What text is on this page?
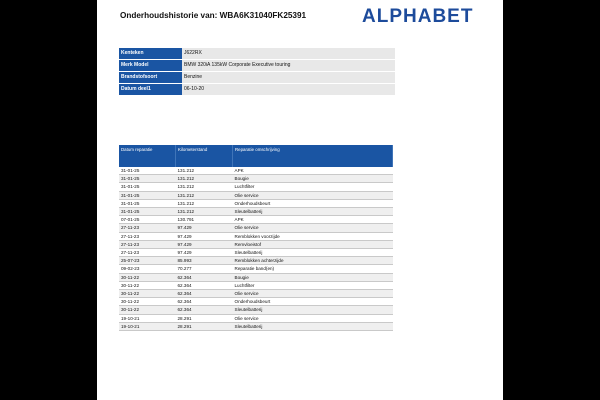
Onderhoudshistorie van: WBA6K31040FK25391	ALPHABET
Kenteken	J622RX
Merk Model	BMW 320iA 135kW Corporate Executive touring
Brandstofsoort	Benzine
Datum deel1	06-10-20
Datum reparatie	Kilometerstand	Reparatie omschrijving
31-01-25	131.212	APK
31-01-25	131.212	Bougie
31-01-25	131.212	Luchtfilter
31-01-25	131.212	Olie service
31-01-25	131.212	Onderhoudsbeurt
31-01-25	131.212	Sleutelbatterij
07-01-25	130.791	APK
27-11-23	97.429	Olie service
27-11-23	97.429	Remblokken voorzijde
27-11-23	97.429	Remvloeistof
27-11-23	97.429	Sleutelbatterij
25-07-23	85.993	Remblokken achterzijde
09-02-23	70.277	Reparatie band(en)
30-11-22	62.364	Bougie
30-11-22	62.364	Luchtfilter
30-11-22	62.364	Olie service
30-11-22	62.364	Onderhoudsbeurt
30-11-22	62.364	Sleutelbatterij
19-10-21	28.291	Olie service
19-10-21	28.291	Sleutelbatterij
